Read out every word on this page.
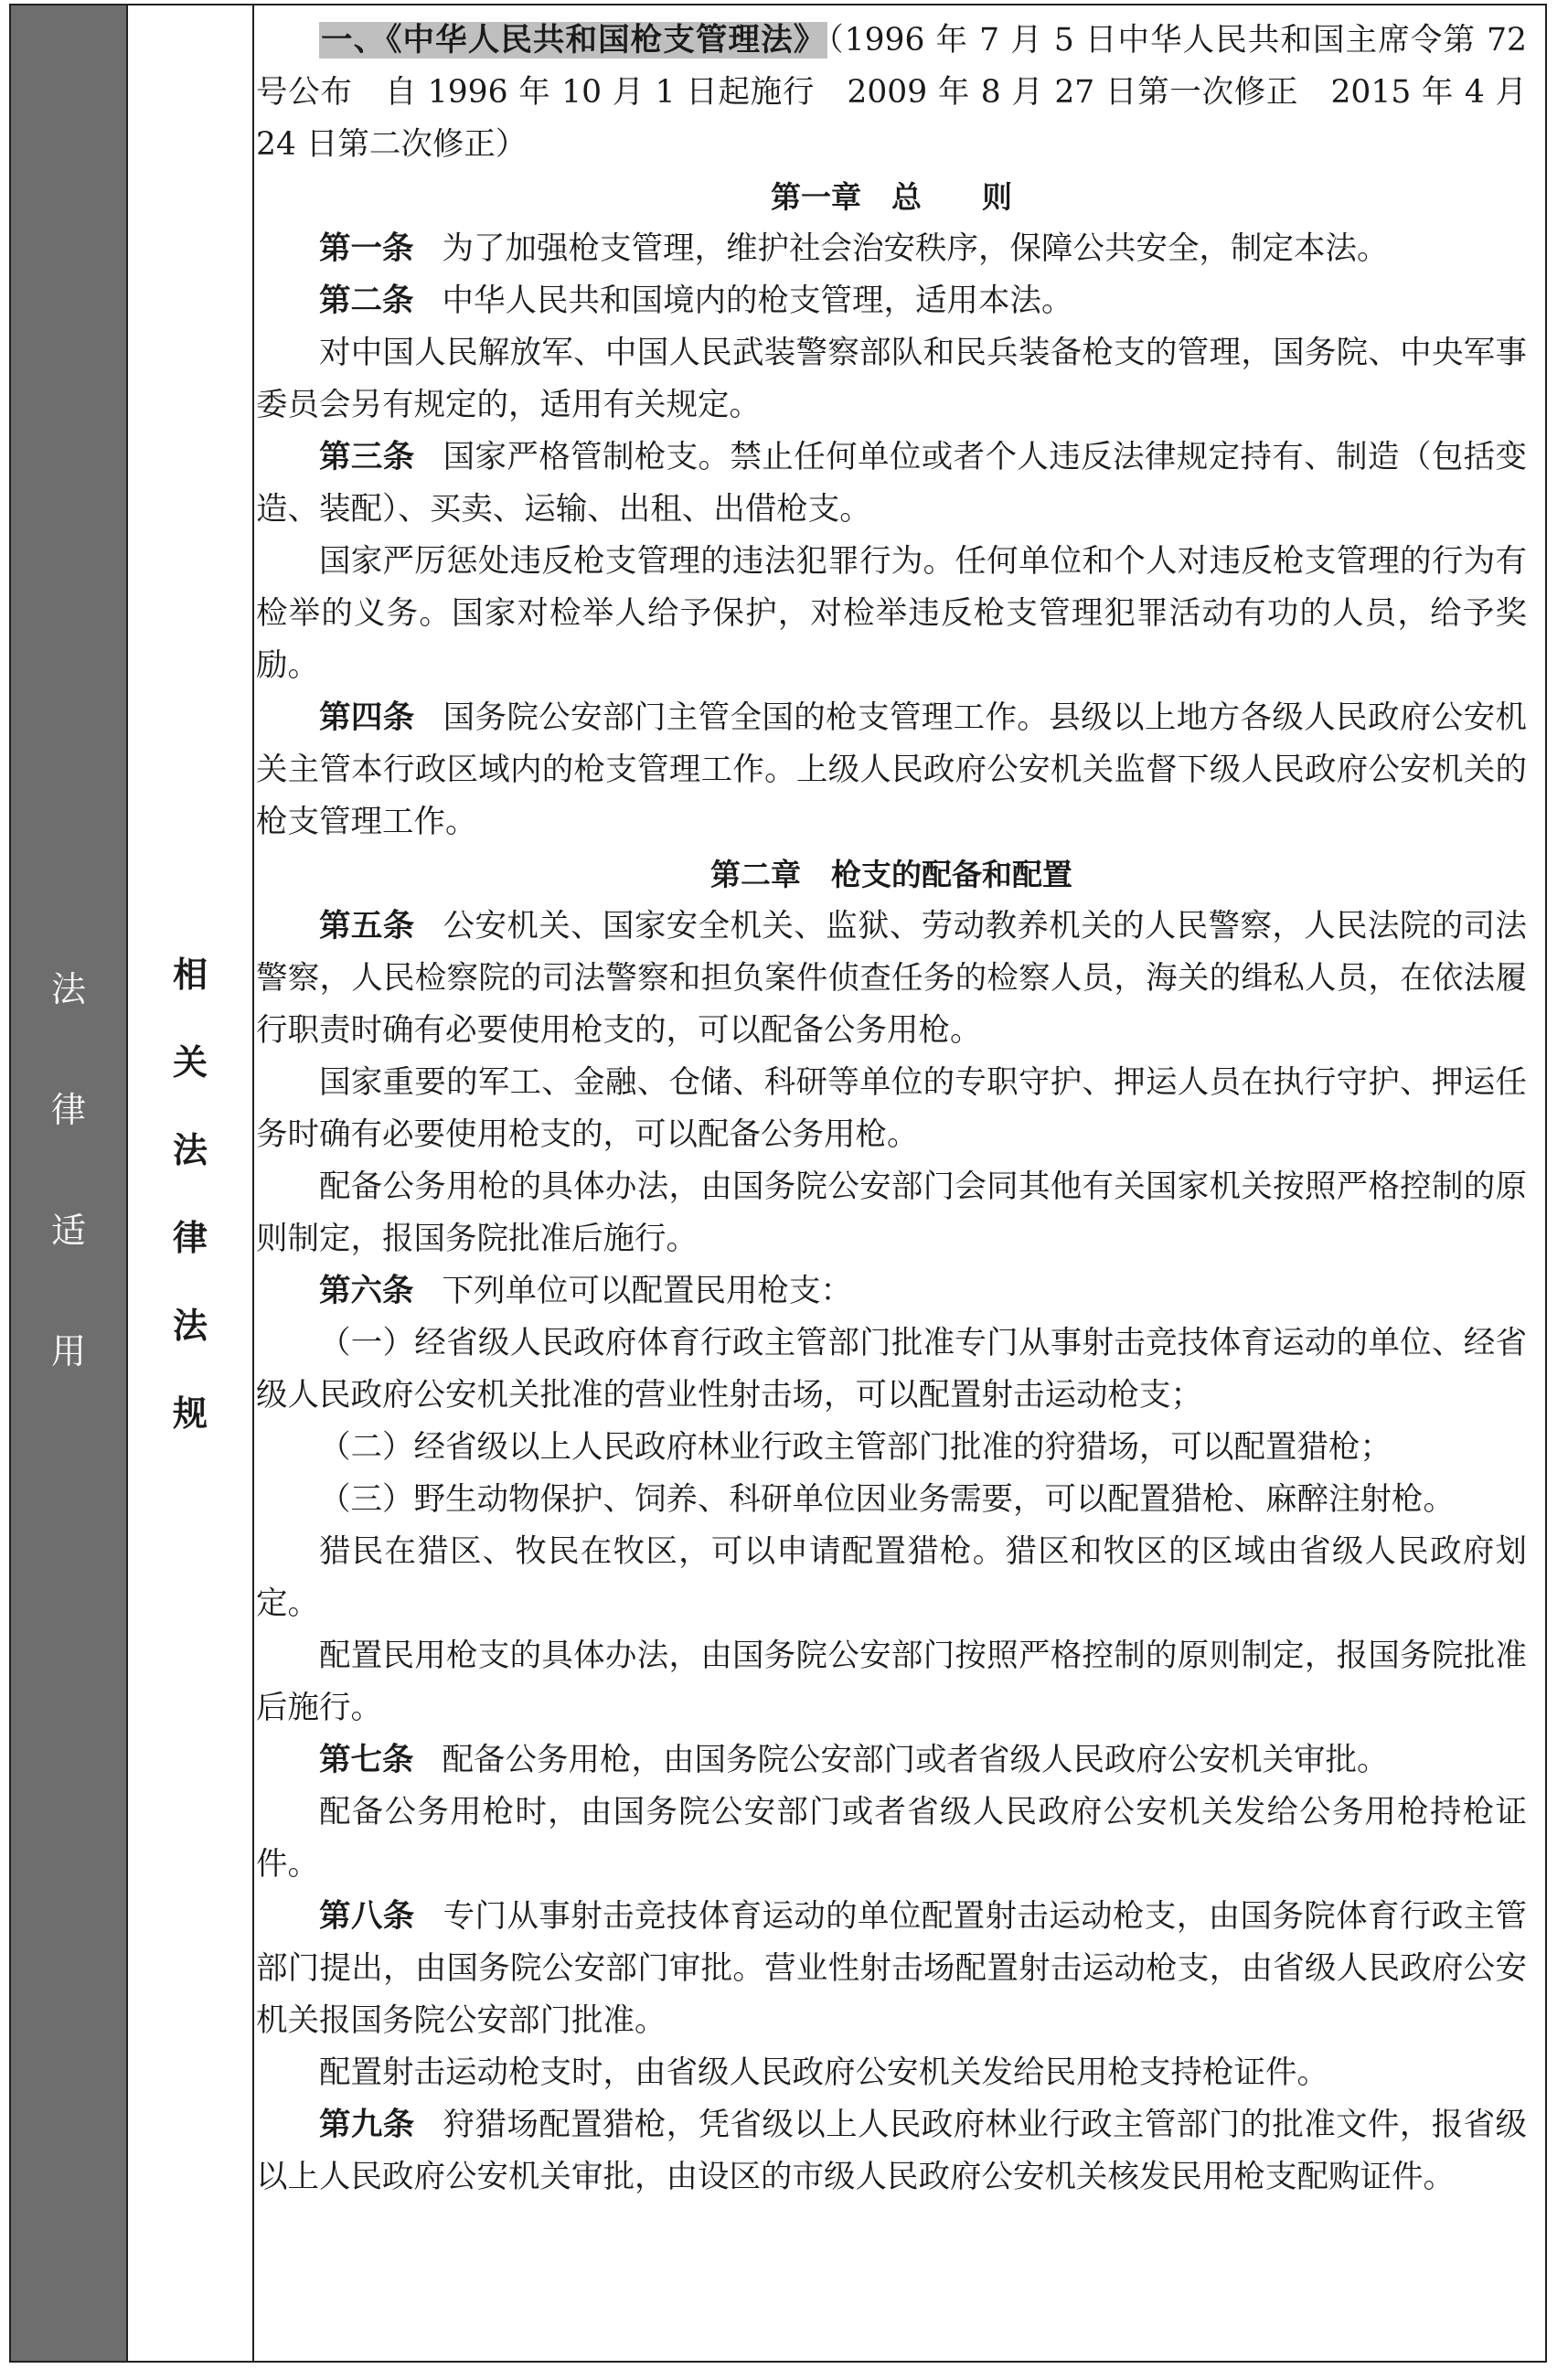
法
律
适
用
相
关
法
律
法
规

一、《中华人民共和国枪支管理法》（1996 年 7 月 5 日中华人民共和国主席令第 72 号公布　自 1996 年 10 月 1 日起施行　2009 年 8 月 27 日第一次修正　2015 年 4 月 24 日第二次修正）

第一章　总　　则

第一条 为了加强枪支管理，维护社会治安秩序，保障公共安全，制定本法。

第二条 中华人民共和国境内的枪支管理，适用本法。

对中国人民解放军、中国人民武装警察部队和民兵装备枪支的管理，国务院、中央军事委员会另有规定的，适用有关规定。

第三条 国家严格管制枪支。禁止任何单位或者个人违反法律规定持有、制造（包括变造、装配）、买卖、运输、出租、出借枪支。

国家严厉惩处违反枪支管理的违法犯罪行为。任何单位和个人对违反枪支管理的行为有检举的义务。国家对检举人给予保护，对检举违反枪支管理犯罪活动有功的人员，给予奖励。

第四条 国务院公安部门主管全国的枪支管理工作。县级以上地方各级人民政府公安机关主管本行政区域内的枪支管理工作。上级人民政府公安机关监督下级人民政府公安机关的枪支管理工作。

第二章　枪支的配备和配置

第五条 公安机关、国家安全机关、监狱、劳动教养机关的人民警察，人民法院的司法警察，人民检察院的司法警察和担负案件侦查任务的检察人员，海关的缉私人员，在依法履行职责时确有必要使用枪支的，可以配备公务用枪。

国家重要的军工、金融、仓储、科研等单位的专职守护、押运人员在执行守护、押运任务时确有必要使用枪支的，可以配备公务用枪。

配备公务用枪的具体办法，由国务院公安部门会同其他有关国家机关按照严格控制的原则制定，报国务院批准后施行。

第六条 下列单位可以配置民用枪支：

（一）经省级人民政府体育行政主管部门批准专门从事射击竞技体育运动的单位、经省级人民政府公安机关批准的营业性射击场，可以配置射击运动枪支；

（二）经省级以上人民政府林业行政主管部门批准的狩猎场，可以配置猎枪；

（三）野生动物保护、饲养、科研单位因业务需要，可以配置猎枪、麻醉注射枪。

猎民在猎区、牧民在牧区，可以申请配置猎枪。猎区和牧区的区域由省级人民政府划定。

配置民用枪支的具体办法，由国务院公安部门按照严格控制的原则制定，报国务院批准后施行。

第七条 配备公务用枪，由国务院公安部门或者省级人民政府公安机关审批。

配备公务用枪时，由国务院公安部门或者省级人民政府公安机关发给公务用枪持枪证件。

第八条 专门从事射击竞技体育运动的单位配置射击运动枪支，由国务院体育行政主管部门提出，由国务院公安部门审批。营业性射击场配置射击运动枪支，由省级人民政府公安机关报国务院公安部门批准。

配置射击运动枪支时，由省级人民政府公安机关发给民用枪支持枪证件。

第九条 狩猎场配置猎枪，凭省级以上人民政府林业行政主管部门的批准文件，报省级以上人民政府公安机关审批，由设区的市级人民政府公安机关核发民用枪支配购证件。
